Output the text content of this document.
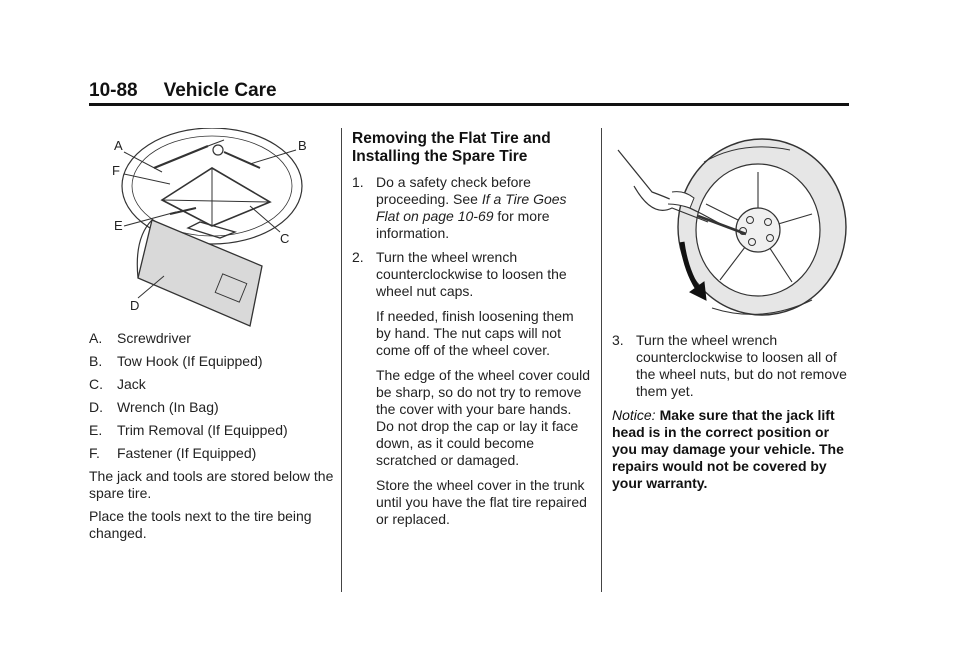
10-88 Vehicle Care
A	B
F
E
C
D

A. Screwdriver

B. Tow Hook (If Equipped)

C. Jack

D. Wrench (In Bag)

E. Trim Removal (If Equipped)

F. Fastener (If Equipped)

The jack and tools are stored below the spare tire.

Place the tools next to the tire being changed.

Removing the Flat Tire and Installing the Spare Tire
1. Do a safety check before proceeding. See If a Tire Goes Flat on page 10-69 for more information.
2. Turn the wheel wrench counterclockwise to loosen the wheel nut caps.

If needed, finish loosening them by hand. The nut caps will not come off of the wheel cover.

The edge of the wheel cover could be sharp, so do not try to remove the cover with your bare hands. Do not drop the cap or lay it face down, as it could become scratched or damaged.

Store the wheel cover in the trunk until you have the flat tire repaired or replaced.

3. Turn the wheel wrench counterclockwise to loosen all of the wheel nuts, but do not remove them yet.

Notice: Make sure that the jack lift head is in the correct position or you may damage your vehicle. The repairs would not be covered by your warranty.
